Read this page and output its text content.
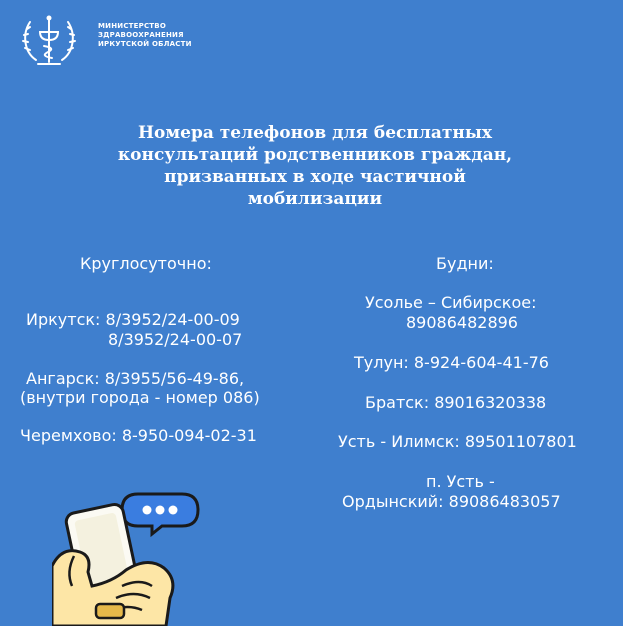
МИНИСТЕРСТВО
ЗДРАВООХРАНЕНИЯ
ИРКУТСКОЙ ОБЛАСТИ
Номера телефонов для бесплатных
консультаций родственников граждан,
призванных в ходе частичной
мобилизации
Круглосуточно:
Иркутск: 8/3952/24-00-09
8/3952/24-00-07
Ангарск: 8/3955/56-49-86,
(внутри города - номер 086)
Черемхово: 8-950-094-02-31
Будни:
Усолье – Сибирское:
89086482896
Тулун: 8-924-604-41-76
Братск: 89016320338
Усть - Илимск: 89501107801
п. Усть -
Ордынский: 89086483057
